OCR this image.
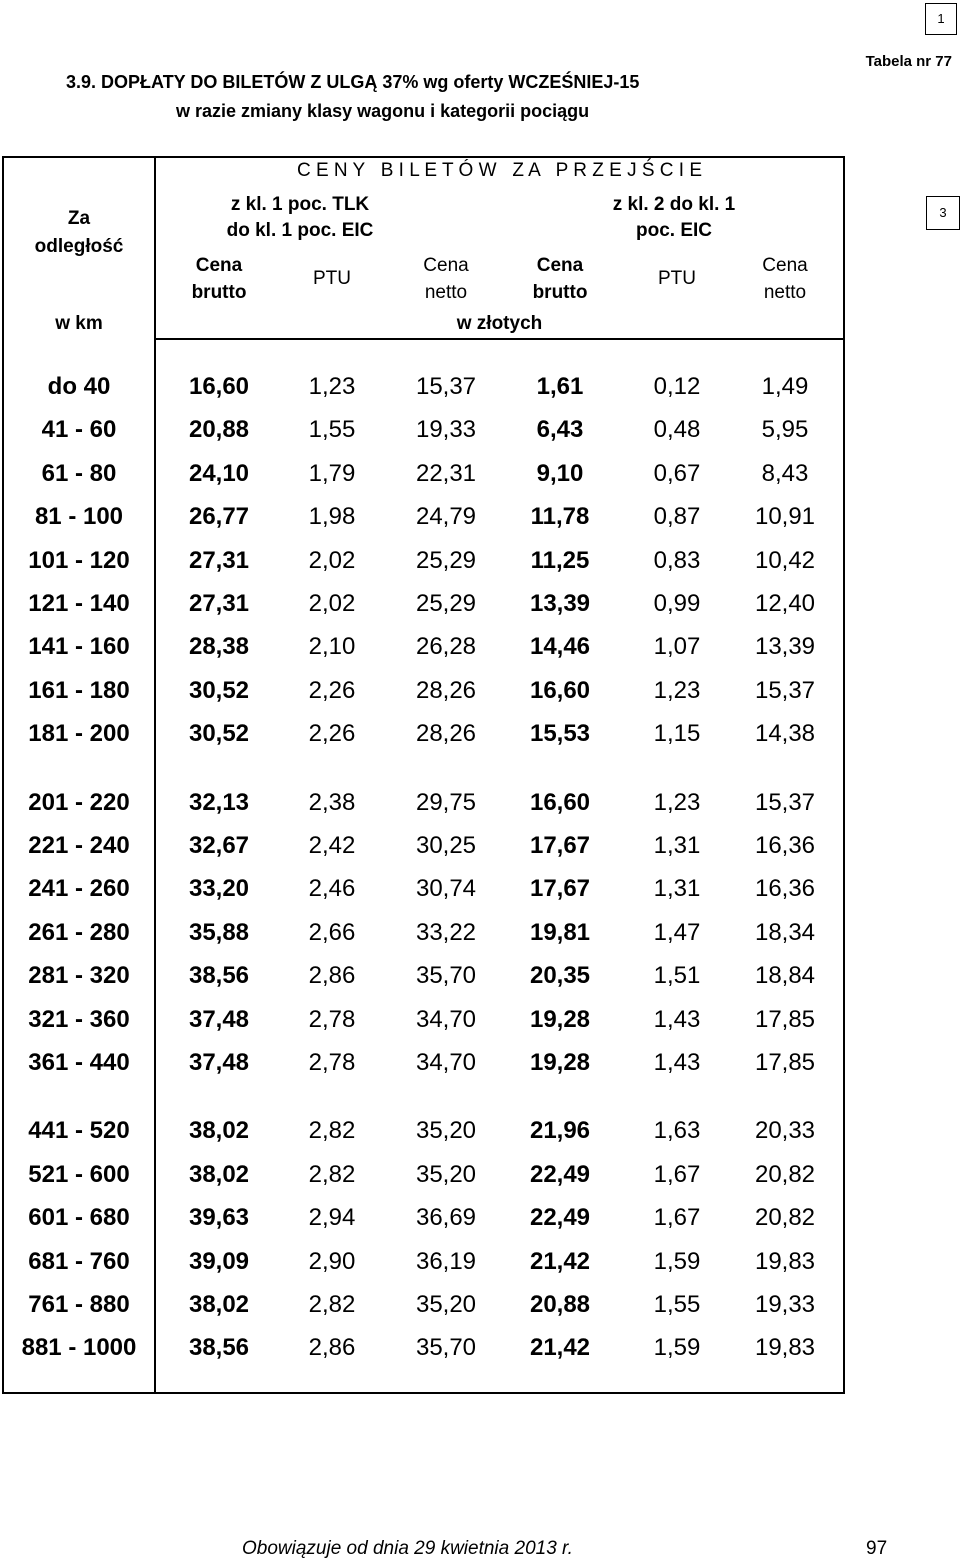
1
3
Tabela nr 77
3.9. DOPŁATY DO BILETÓW Z ULGĄ 37% wg oferty WCZEŚNIEJ-15
w razie zmiany klasy wagonu i kategorii pociągu
Za
odległość
w km
C E N Y   B I L E T Ó W   Z A   P R Z E J Ś C I E
z kl. 1 poc. TLK
do kl. 1 poc. EIC
z kl. 2 do kl. 1
poc. EIC
Cena
brutto
PTU
Cena
netto
Cena
brutto
PTU
Cena
netto
w złotych
do 40	16,60	1,23	15,37	1,61	0,12	1,49
41 - 60	20,88	1,55	19,33	6,43	0,48	5,95
61 - 80	24,10	1,79	22,31	9,10	0,67	8,43
81 - 100	26,77	1,98	24,79	11,78	0,87	10,91
101 - 120	27,31	2,02	25,29	11,25	0,83	10,42
121 - 140	27,31	2,02	25,29	13,39	0,99	12,40
141 - 160	28,38	2,10	26,28	14,46	1,07	13,39
161 - 180	30,52	2,26	28,26	16,60	1,23	15,37
181 - 200	30,52	2,26	28,26	15,53	1,15	14,38
201 - 220	32,13	2,38	29,75	16,60	1,23	15,37
221 - 240	32,67	2,42	30,25	17,67	1,31	16,36
241 - 260	33,20	2,46	30,74	17,67	1,31	16,36
261 - 280	35,88	2,66	33,22	19,81	1,47	18,34
281 - 320	38,56	2,86	35,70	20,35	1,51	18,84
321 - 360	37,48	2,78	34,70	19,28	1,43	17,85
361 - 440	37,48	2,78	34,70	19,28	1,43	17,85
441 - 520	38,02	2,82	35,20	21,96	1,63	20,33
521 - 600	38,02	2,82	35,20	22,49	1,67	20,82
601 - 680	39,63	2,94	36,69	22,49	1,67	20,82
681 - 760	39,09	2,90	36,19	21,42	1,59	19,83
761 - 880	38,02	2,82	35,20	20,88	1,55	19,33
881 - 1000	38,56	2,86	35,70	21,42	1,59	19,83
Obowiązuje od dnia 29 kwietnia 2013 r.	97
